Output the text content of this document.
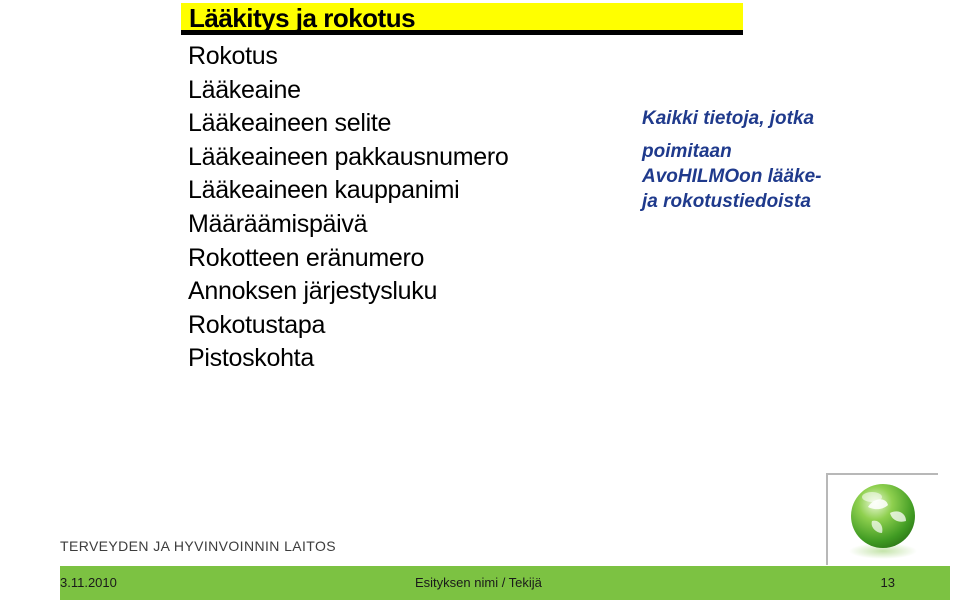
Lääkitys ja rokotus
Rokotus
Lääkeaine
Lääkeaineen selite
Lääkeaineen pakkausnumero
Lääkeaineen kauppanimi
Määräämispäivä
Rokotteen eränumero
Annoksen järjestysluku
Rokotustapa
Pistoskohta
Kaikki tietoja, jotka
poimitaan
AvoHILMOon lääke-
ja rokotustiedoista
TERVEYDEN JA HYVINVOINNIN LAITOS
3.11.2010	Esityksen nimi / Tekijä	13
